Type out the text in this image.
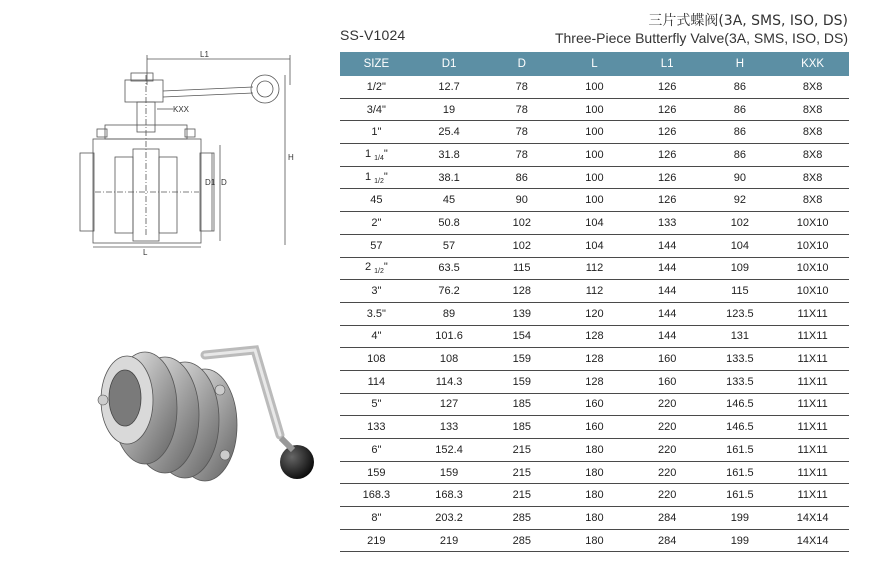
SS-V1024
三片式蝶阀(3A, SMS, ISO, DS)
Three-Piece Butterfly Valve(3A, SMS, ISO, DS)
L1
KXX
H
D1 D
L
SIZE	D1	D	L	L1	H	KXK
1/2"	12.7	78	100	126	86	8X8
3/4"	19	78	100	126	86	8X8
1"	25.4	78	100	126	86	8X8
1 $_{1/4}$"	31.8	78	100	126	86	8X8
1 $_{1/2}$"	38.1	86	100	126	90	8X8
45	45	90	100	126	92	8X8
2"	50.8	102	104	133	102	10X10
57	57	102	104	144	104	10X10
2 $_{1/2}$"	63.5	115	112	144	109	10X10
3"	76.2	128	112	144	115	10X10
3.5"	89	139	120	144	123.5	11X11
4"	101.6	154	128	144	131	11X11
108	108	159	128	160	133.5	11X11
114	114.3	159	128	160	133.5	11X11
5"	127	185	160	220	146.5	11X11
133	133	185	160	220	146.5	11X11
6"	152.4	215	180	220	161.5	11X11
159	159	215	180	220	161.5	11X11
168.3	168.3	215	180	220	161.5	11X11
8"	203.2	285	180	284	199	14X14
219	219	285	180	284	199	14X14
